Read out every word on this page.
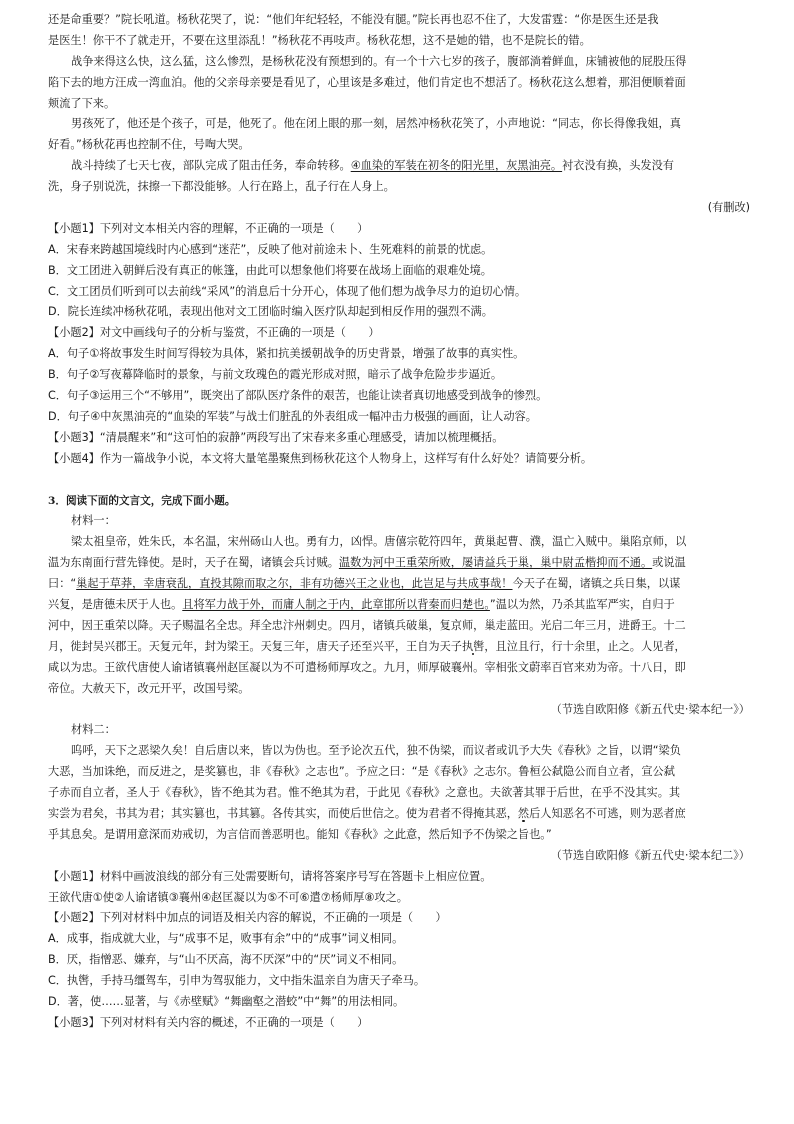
还是命重要？”院长吼道。杨秋花哭了，说：“他们年纪轻轻，不能没有腿。”院长再也忍不住了，大发雷霆：“你是医生还是我
是医生！你干不了就走开，不要在这里添乱！”杨秋花不再吱声。杨秋花想，这不是她的错，也不是院长的错。
战争来得这么快，这么猛，这么惨烈，是杨秋花没有预想到的。有一个十六七岁的孩子，腹部淌着鲜血，床铺被他的屁股压得
陷下去的地方汪成一湾血泊。他的父亲母亲要是看见了，心里该是多难过，他们肯定也不想活了。杨秋花这么想着，那泪便顺着面
颊流了下来。
男孩死了，他还是个孩子，可是，他死了。他在闭上眼的那一刻，居然冲杨秋花笑了，小声地说：“同志，你长得像我姐，真
好看。”杨秋花再也控制不住，号啕大哭。
战斗持续了七天七夜，部队完成了阻击任务，奉命转移。④血染的军装在初冬的阳光里，灰黑油亮。衬衣没有换，头发没有
洗，身子别说洗，抹擦一下都没能够。人行在路上，乱子行在人身上。
(有删改)
【小题1】下列对文本相关内容的理解，不正确的一项是（　　）
A．宋春来跨越国境线时内心感到“迷茫”，反映了他对前途未卜、生死难料的前景的忧虑。
B．文工团进入朝鲜后没有真正的帐篷，由此可以想象他们将要在战场上面临的艰难处境。
C．文工团员们听到可以去前线“采风”的消息后十分开心，体现了他们想为战争尽力的迫切心情。
D．院长连续冲杨秋花吼，表现出他对文工团临时编入医疗队却起到相反作用的强烈不满。
【小题2】对文中画线句子的分析与鉴赏，不正确的一项是（　　）
A．句子①将故事发生时间写得较为具体，紧扣抗美援朝战争的历史背景，增强了故事的真实性。
B．句子②写夜幕降临时的景象，与前文玫瑰色的霞光形成对照，暗示了战争危险步步逼近。
C．句子③运用三个“不够用”，既突出了部队医疗条件的艰苦，也能让读者真切地感受到战争的惨烈。
D．句子④中灰黑油亮的“血染的军装”与战士们脏乱的外表组成一幅冲击力极强的画面，让人动容。
【小题3】“清晨醒来”和“这可怕的寂静”两段写出了宋春来多重心理感受，请加以梳理概括。
【小题4】作为一篇战争小说，本文将大量笔墨聚焦到杨秋花这个人物身上，这样写有什么好处？请简要分析。
3．阅读下面的文言文，完成下面小题。
材料一：
梁太祖皇帝，姓朱氏，本名温，宋州砀山人也。勇有力，凶悍。唐僖宗乾符四年，黄巢起曹、濮，温亡入贼中。巢陷京师，以
温为东南面行营先锋使。是时，天子在蜀，诸镇会兵讨贼。温数为河中王重荣所败，屡请益兵于巢，巢中尉孟楷抑而不通。或说温
曰：“巢起于草莽，幸唐衰乱，直投其隙而取之尔，非有功德兴王之业也，此岂足与共成事哉！今天子在蜀，诸镇之兵日集，以谋
兴复，是唐德未厌于人也。且将军力战于外，而庸人制之于内，此章邯所以背秦而归楚也。”温以为然，乃杀其监军严实，自归于
河中，因王重荣以降。天子赐温名全忠。拜全忠汴州刺史。四月，诸镇兵破巢，复京师，巢走蓝田。光启二年三月，进爵王。十二
月，徙封吴兴郡王。天复元年，封为梁王。天复三年，唐天子还至兴平，王自为天子执辔，且泣且行，行十余里，止之。人见者，
咸以为忠。王欲代唐使人谕诸镇襄州赵匡凝以为不可遣杨师厚攻之。九月，师厚破襄州。宰相张文蔚率百官来劝为帝。十八日，即
帝位。大赦天下，改元开平，改国号梁。
（节选自欧阳修《新五代史·梁本纪一》）
材料二：
呜呼，天下之恶梁久矣！自后唐以来，皆以为伪也。至予论次五代，独不伪梁，而议者或讥予大失《春秋》之旨，以谓“梁负
大恶，当加诛绝，而反进之，是奖篡也，非《春秋》之志也”。予应之曰：“是《春秋》之志尔。鲁桓公弑隐公而自立者，宣公弑
子赤而自立者，圣人于《春秋》，皆不绝其为君。惟不绝其为君，于此见《春秋》之意也。夫欲著其罪于后世，在乎不没其实。其
实尝为君矣，书其为君；其实篡也，书其篡。各传其实，而使后世信之。使为君者不得掩其恶，然后人知恶名不可逃，则为恶者庶
乎其息矣。是谓用意深而劝戒切，为言信而善恶明也。能知《春秋》之此意，然后知予不伪梁之旨也。”
（节选自欧阳修《新五代史·梁本纪二》）
【小题1】材料中画波浪线的部分有三处需要断句，请将答案序号写在答题卡上相应位置。
王欲代唐①使②人谕诸镇③襄州④赵匡凝以为⑤不可⑥遣⑦杨师厚⑧攻之。
【小题2】下列对材料中加点的词语及相关内容的解说，不正确的一项是（　　）
A．成事，指成就大业，与“成事不足，败事有余”中的“成事”词义相同。
B．厌，指憎恶、嫌弃，与“山不厌高，海不厌深”中的“厌”词义不相同。
C．执辔，手持马缰驾车，引申为驾驭能力，文中指朱温亲自为唐天子牵马。
D．著，使……显著，与《赤壁赋》“舞幽壑之潜蛟”中“舞”的用法相同。
【小题3】下列对材料有关内容的概述，不正确的一项是（　　）
